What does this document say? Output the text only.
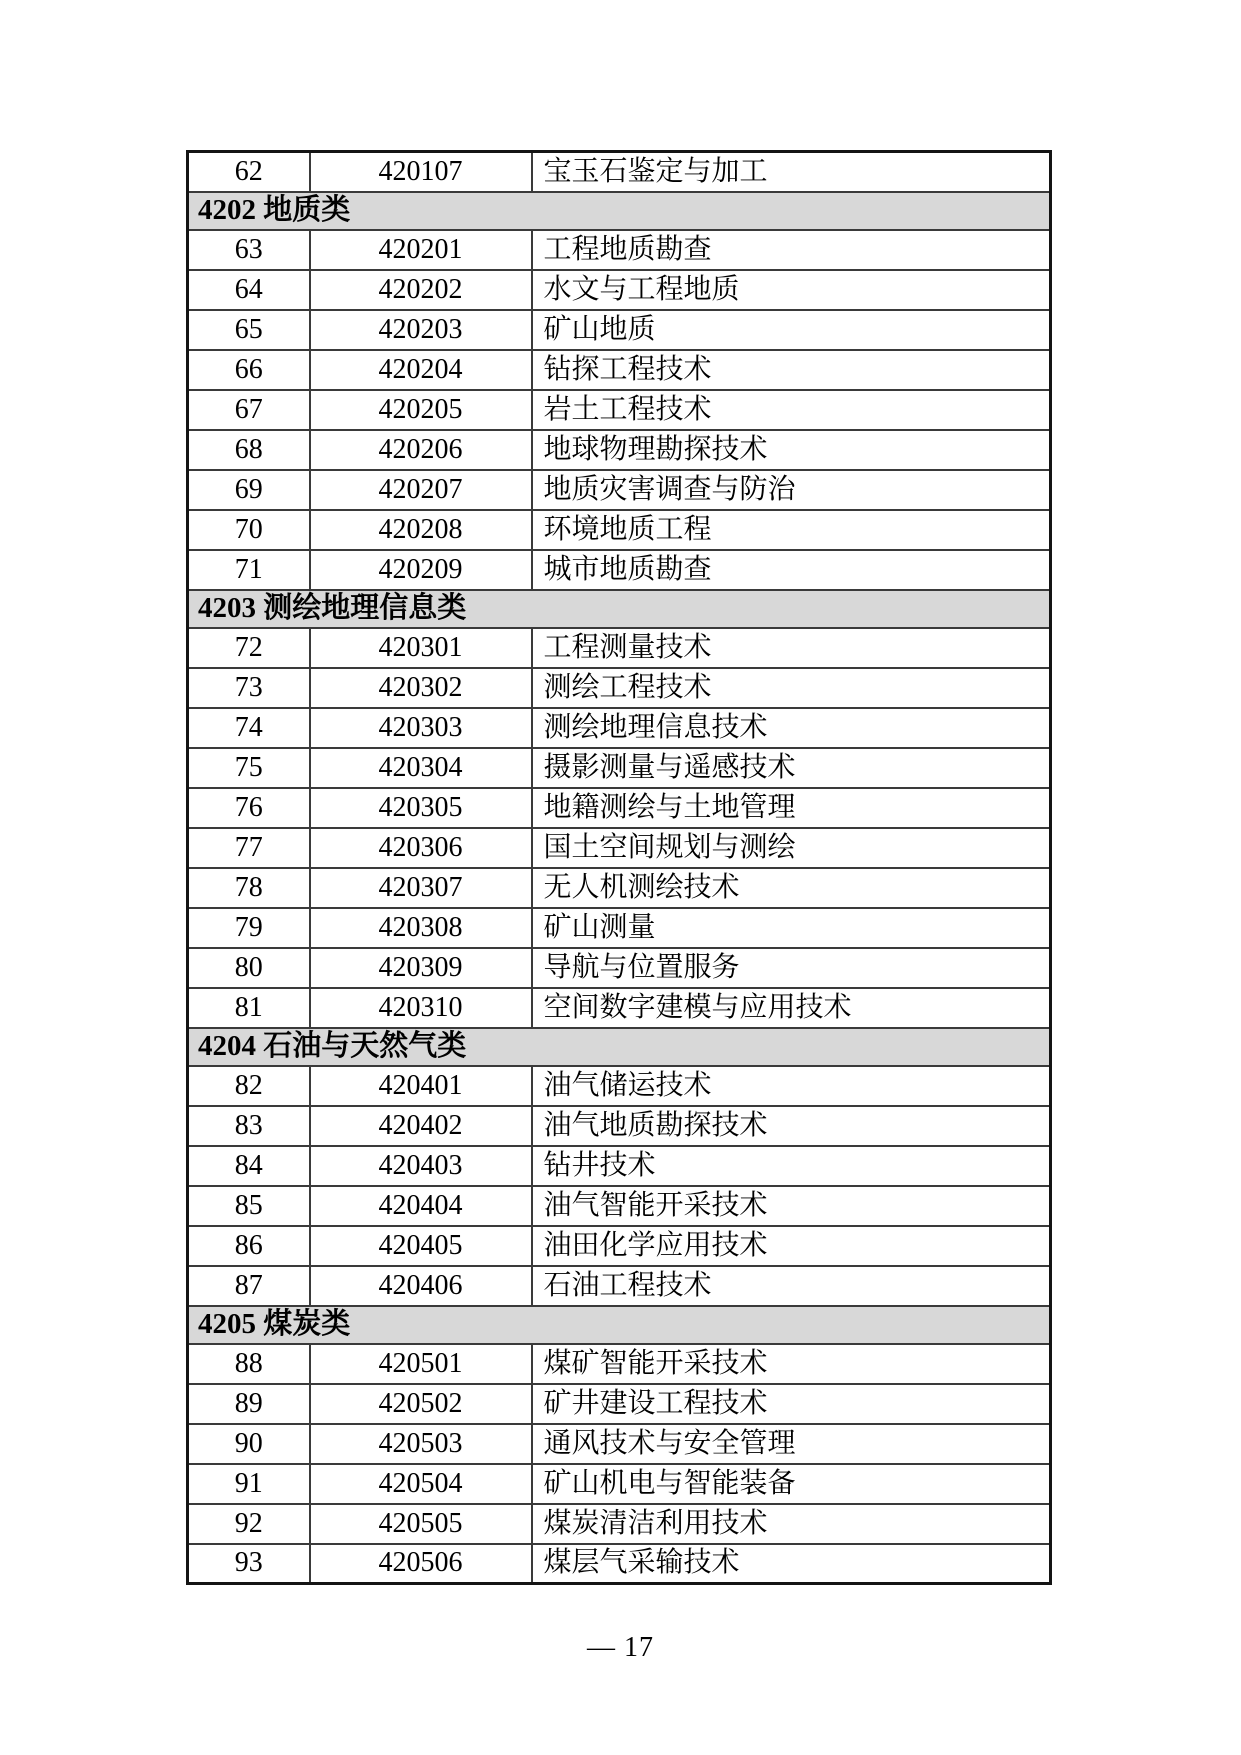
62	420107	宝玉石鉴定与加工
4202 地质类		
63	420201	工程地质勘查
64	420202	水文与工程地质
65	420203	矿山地质
66	420204	钻探工程技术
67	420205	岩土工程技术
68	420206	地球物理勘探技术
69	420207	地质灾害调查与防治
70	420208	环境地质工程
71	420209	城市地质勘查
4203 测绘地理信息类		
72	420301	工程测量技术
73	420302	测绘工程技术
74	420303	测绘地理信息技术
75	420304	摄影测量与遥感技术
76	420305	地籍测绘与土地管理
77	420306	国土空间规划与测绘
78	420307	无人机测绘技术
79	420308	矿山测量
80	420309	导航与位置服务
81	420310	空间数字建模与应用技术
4204 石油与天然气类		
82	420401	油气储运技术
83	420402	油气地质勘探技术
84	420403	钻井技术
85	420404	油气智能开采技术
86	420405	油田化学应用技术
87	420406	石油工程技术
4205 煤炭类		
88	420501	煤矿智能开采技术
89	420502	矿井建设工程技术
90	420503	通风技术与安全管理
91	420504	矿山机电与智能装备
92	420505	煤炭清洁利用技术
93	420506	煤层气采输技术
— 17
